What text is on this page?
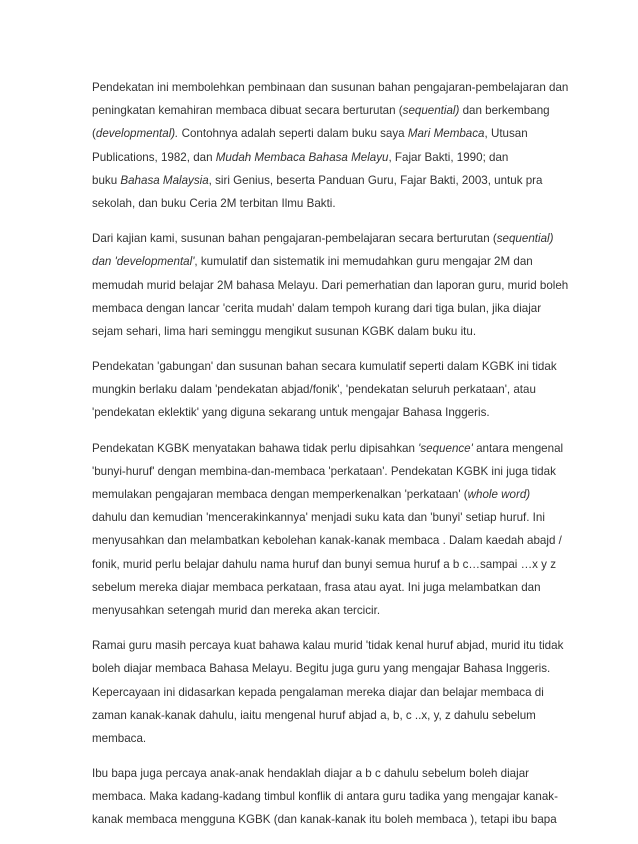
Pendekatan ini membolehkan pembinaan dan susunan bahan pengajaran-pembelajaran dan
peningkatan kemahiran membaca dibuat secara berturutan (sequential) dan berkembang
(developmental). Contohnya adalah seperti dalam buku saya Mari Membaca, Utusan
Publications, 1982, dan Mudah Membaca Bahasa Melayu, Fajar Bakti, 1990; dan
buku Bahasa Malaysia, siri Genius, beserta Panduan Guru, Fajar Bakti, 2003, untuk pra
sekolah, dan buku Ceria 2M terbitan Ilmu Bakti.
Dari kajian kami, susunan bahan pengajaran-pembelajaran secara berturutan (sequential)
dan 'developmental', kumulatif dan sistematik ini memudahkan guru mengajar 2M dan
memudah murid belajar 2M bahasa Melayu. Dari pemerhatian dan laporan guru, murid boleh
membaca dengan lancar 'cerita mudah' dalam tempoh kurang dari tiga bulan, jika diajar
sejam sehari, lima hari seminggu mengikut susunan KGBK dalam buku itu.
Pendekatan 'gabungan' dan susunan bahan secara kumulatif seperti dalam KGBK ini tidak
mungkin berlaku dalam 'pendekatan abjad/fonik', 'pendekatan seluruh perkataan', atau
'pendekatan eklektik' yang diguna sekarang untuk mengajar Bahasa Inggeris.
Pendekatan KGBK menyatakan bahawa tidak perlu dipisahkan 'sequence' antara mengenal
'bunyi-huruf' dengan membina-dan-membaca 'perkataan'. Pendekatan KGBK ini juga tidak
memulakan pengajaran membaca dengan memperkenalkan 'perkataan' (whole word)
dahulu dan kemudian 'mencerakinkannya' menjadi suku kata dan 'bunyi' setiap huruf. Ini
menyusahkan dan melambatkan kebolehan kanak-kanak membaca . Dalam kaedah abajd /
fonik, murid perlu belajar dahulu nama huruf dan bunyi semua huruf a b c…sampai …x y z
sebelum mereka diajar membaca perkataan, frasa atau ayat. Ini juga melambatkan dan
menyusahkan setengah murid dan mereka akan tercicir.
Ramai guru masih percaya kuat bahawa kalau murid 'tidak kenal huruf abjad, murid itu tidak
boleh diajar membaca Bahasa Melayu. Begitu juga guru yang mengajar Bahasa Inggeris.
Kepercayaan ini didasarkan kepada pengalaman mereka diajar dan belajar membaca di
zaman kanak-kanak dahulu, iaitu mengenal huruf abjad a, b, c ..x, y, z dahulu sebelum
membaca.
Ibu bapa juga percaya anak-anak hendaklah diajar a b c dahulu sebelum boleh diajar
membaca. Maka kadang-kadang timbul konflik di antara guru tadika yang mengajar kanak-
kanak membaca mengguna KGBK (dan kanak-kanak itu boleh membaca ), tetapi ibu bapa
